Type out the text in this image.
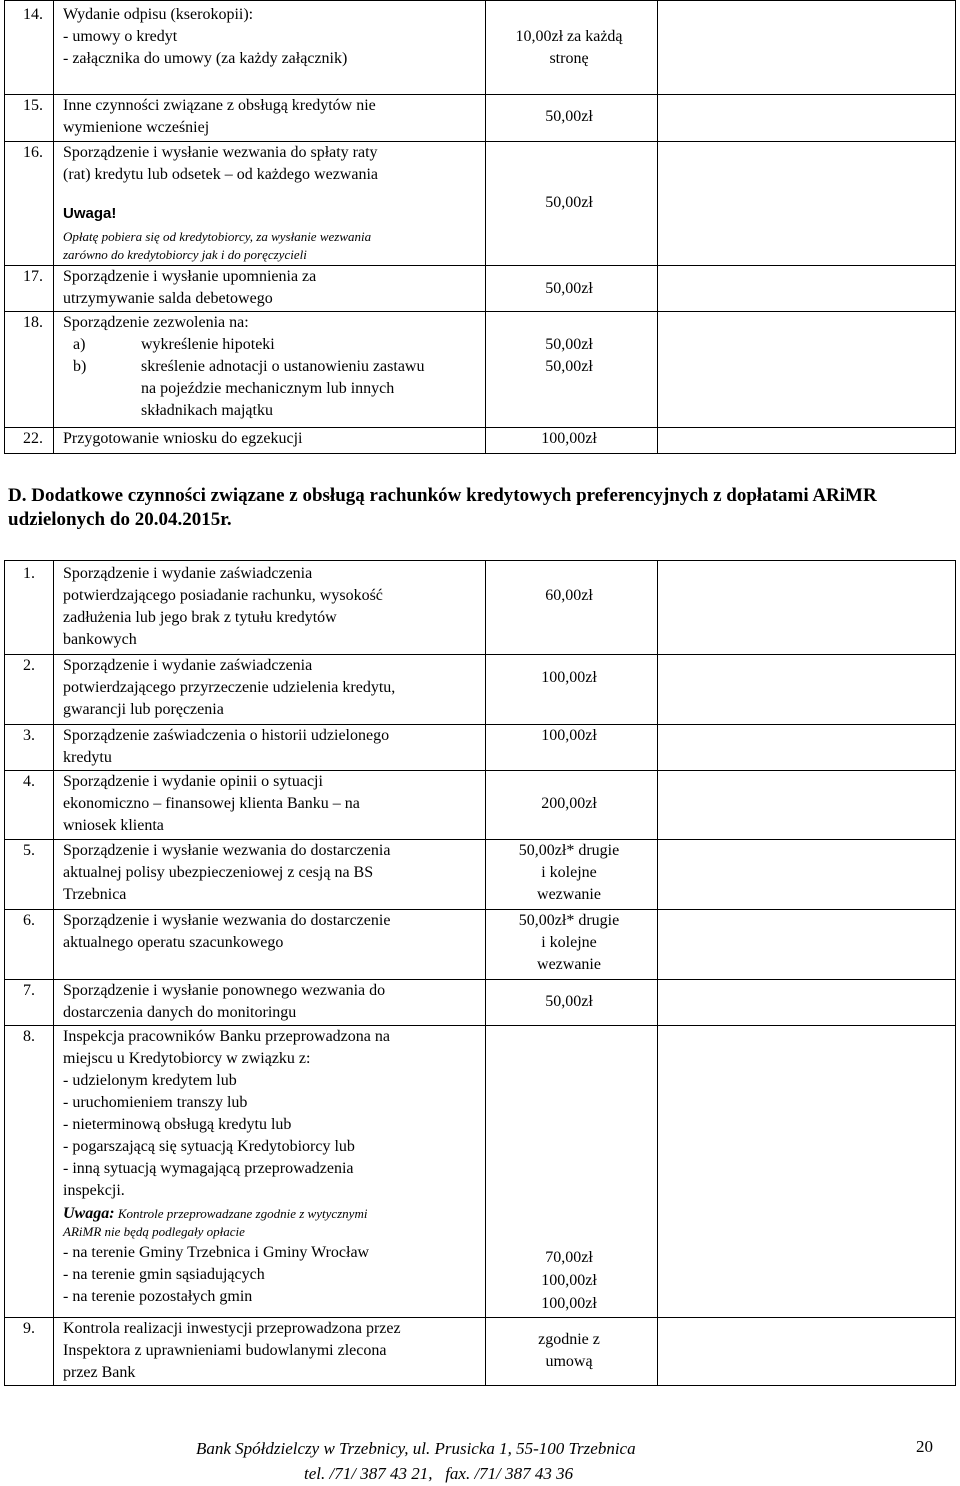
14. Wydanie odpisu (kserokopii):
- umowy o kredyt
- załącznika do umowy (za każdy załącznik)
10,00zł za każdą
stronę
15. Inne czynności związane z obsługą kredytów nie
wymienione wcześniej
50,00zł
16. Sporządzenie i wysłanie wezwania do spłaty raty
(rat) kredytu lub odsetek – od każdego wezwania
Uwaga!
Opłatę pobiera się od kredytobiorcy, za wysłanie wezwania
zarówno do kredytobiorcy jak i do poręczycieli
50,00zł
17. Sporządzenie i wysłanie upomnienia za
utrzymywanie salda debetowego
50,00zł
18. Sporządzenie zezwolenia na:
a)	wykreślenie hipoteki
b)	skreślenie adnotacji o ustanowieniu zastawu
na pojeździe mechanicznym lub innych
składnikach majątku
50,00zł
50,00zł
22. Przygotowanie wniosku do egzekucji	100,00zł
D. Dodatkowe czynności związane z obsługą rachunków kredytowych preferencyjnych z dopłatami ARiMR udzielonych do 20.04.2015r.
1. Sporządzenie i wydanie zaświadczenia
potwierdzającego posiadanie rachunku, wysokość
zadłużenia lub jego brak z tytułu kredytów
bankowych
60,00zł
2. Sporządzenie i wydanie zaświadczenia
potwierdzającego przyrzeczenie udzielenia kredytu,
gwarancji lub poręczenia
100,00zł
3. Sporządzenie zaświadczenia o historii udzielonego
kredytu
100,00zł
4. Sporządzenie i wydanie opinii o sytuacji
ekonomiczno – finansowej klienta Banku – na
wniosek klienta
200,00zł
5. Sporządzenie i wysłanie wezwania do dostarczenia
aktualnej polisy ubezpieczeniowej z cesją na BS
Trzebnica
50,00zł* drugie
i kolejne
wezwanie
6. Sporządzenie i wysłanie wezwania do dostarczenie
aktualnego operatu szacunkowego
50,00zł* drugie
i kolejne
wezwanie
7. Sporządzenie i wysłanie ponownego wezwania do
dostarczenia danych do monitoringu
50,00zł
8. Inspekcja pracowników Banku przeprowadzona na
miejscu u Kredytobiorcy w związku z:
- udzielonym kredytem lub
- uruchomieniem transzy lub
- nieterminową obsługą kredytu lub
- pogarszającą się sytuacją Kredytobiorcy lub
- inną sytuacją wymagającą przeprowadzenia
inspekcji.
Uwaga: Kontrole przeprowadzane zgodnie z wytycznymi
ARiMR nie będą podlegały opłacie
- na terenie Gminy Trzebnica i Gminy Wrocław
- na terenie gmin sąsiadujących
- na terenie pozostałych gmin
70,00zł
100,00zł
100,00zł
9. Kontrola realizacji inwestycji przeprowadzona przez
Inspektora z uprawnieniami budowlanymi zlecona
przez Bank
zgodnie z
umową
Bank Spółdzielczy w Trzebnicy, ul. Prusicka 1, 55-100 Trzebnica
tel. /71/ 387 43 21,   fax. /71/ 387 43 36
20
